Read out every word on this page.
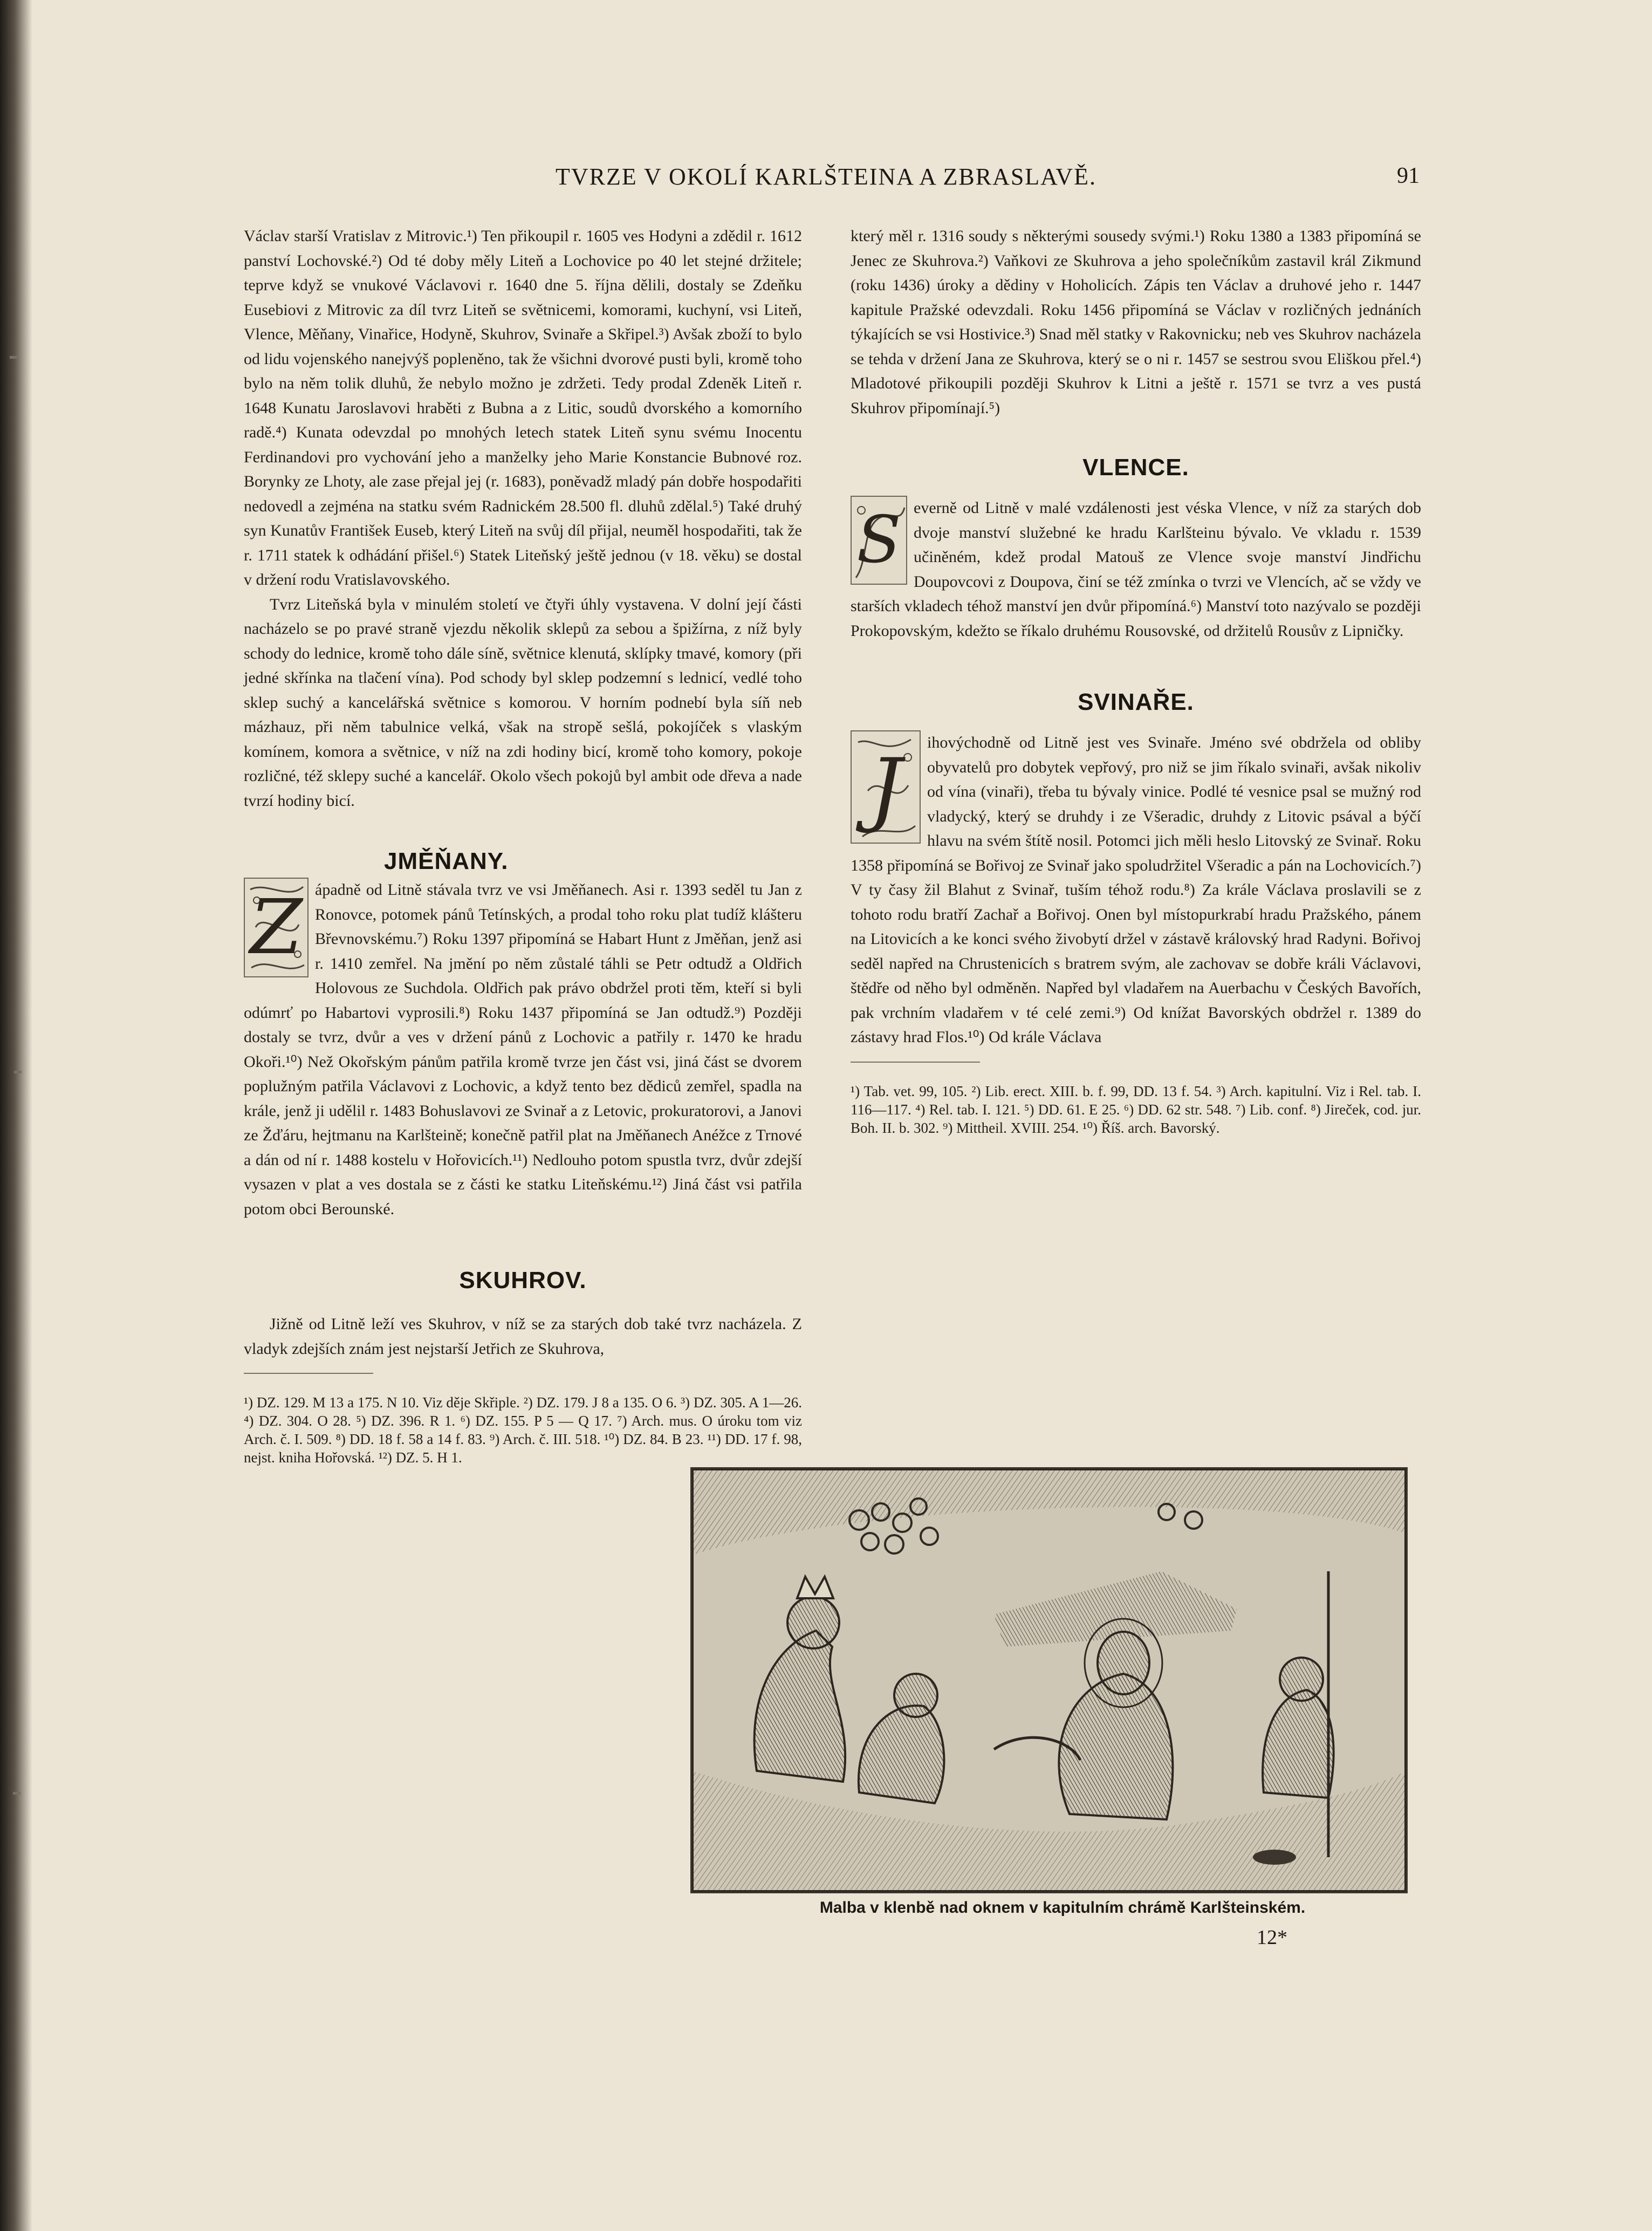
TVRZE V OKOLÍ KARLŠTEINA A ZBRASLAVĚ.	91

Václav starší Vratislav z Mitrovic.¹) Ten přikoupil r. 1605 ves Hodyni a zdědil r. 1612 panství Lochovské.²) Od té doby měly Liteň a Lochovice po 40 let stejné držitele; teprve když se vnukové Václavovi r. 1640 dne 5. října dělili, dostaly se Zdeňku Eusebiovi z Mitrovic za díl tvrz Liteň se světnicemi, komorami, kuchyní, vsi Liteň, Vlence, Měňany, Vinařice, Hodyně, Skuhrov, Svinaře a Skřipel.³) Avšak zboží to bylo od lidu vojenského nanejvýš popleněno, tak že všichni dvorové pusti byli, kromě toho bylo na něm tolik dluhů, že nebylo možno je zdržeti. Tedy prodal Zdeněk Liteň r. 1648 Kunatu Jaroslavovi hraběti z Bubna a z Litic, soudů dvorského a komorního radě.⁴) Kunata odevzdal po mnohých letech statek Liteň synu svému Inocentu Ferdinandovi pro vychování jeho a manželky jeho Marie Konstancie Bubnové roz. Borynky ze Lhoty, ale zase přejal jej (r. 1683), poněvadž mladý pán dobře hospodařiti nedovedl a zejména na statku svém Radnickém 28.500 fl. dluhů zdělal.⁵) Také druhý syn Kunatův František Euseb, který Liteň na svůj díl přijal, neuměl hospodařiti, tak že r. 1711 statek k odhádání přišel.⁶) Statek Liteňský ještě jednou (v 18. věku) se dostal v držení rodu Vratislavovského.

Tvrz Liteňská byla v minulém století ve čtyři úhly vystavena. V dolní její části nacházelo se po pravé straně vjezdu několik sklepů za sebou a špižírna, z níž byly schody do lednice, kromě toho dále síně, světnice klenutá, sklípky tmavé, komory (při jedné skřínka na tlačení vína). Pod schody byl sklep podzemní s lednicí, vedlé toho sklep suchý a kancelářská světnice s komorou. V horním podnebí byla síň neb mázhauz, při něm tabulnice velká, však na stropě sešlá, pokojíček s vlaským komínem, komora a světnice, v níž na zdi hodiny bicí, kromě toho komory, pokoje rozličné, též sklepy suché a kancelář. Okolo všech pokojů byl ambit ode dřeva a nade tvrzí hodiny bicí.

JMĚŇANY.
Z ápadně od Litně stávala tvrz ve vsi Jměňanech. Asi r. 1393 seděl tu Jan z Ronovce, potomek pánů Tetínských, a prodal toho roku plat tudíž klášteru Břevnovskému.⁷) Roku 1397 připomíná se Habart Hunt z Jměňan, jenž asi r. 1410 zemřel. Na jmění po něm zůstalé táhli se Petr odtudž a Oldřich Holovous ze Suchdola. Oldřich pak právo obdržel proti těm, kteří si byli odúmrť po Habartovi vyprosili.⁸) Roku 1437 připomíná se Jan odtudž.⁹) Později dostaly se tvrz, dvůr a ves v držení pánů z Lochovic a patřily r. 1470 ke hradu Okoři.¹⁰) Než Okořským pánům patřila kromě tvrze jen část vsi, jiná část se dvorem poplužným patřila Václavovi z Lochovic, a když tento bez dědiců zemřel, spadla na krále, jenž ji udělil r. 1483 Bohuslavovi ze Svinař a z Letovic, prokuratorovi, a Janovi ze Žďáru, hejtmanu na Karlšteině; konečně patřil plat na Jměňanech Anéžce z Trnové a dán od ní r. 1488 kostelu v Hořovicích.¹¹) Nedlouho potom spustla tvrz, dvůr zdejší vysazen v plat a ves dostala se z části ke statku Liteňskému.¹²) Jiná část vsi patřila potom obci Berounské.

SKUHROV.

Jižně od Litně leží ves Skuhrov, v níž se za starých dob také tvrz nacházela. Z vladyk zdejších znám jest nejstarší Jetřich ze Skuhrova,

¹) DZ. 129. M 13 a 175. N 10. Viz děje Skřiple. ²) DZ. 179. J 8 a 135. O 6. ³) DZ. 305. A 1—26. ⁴) DZ. 304. O 28. ⁵) DZ. 396. R 1. ⁶) DZ. 155. P 5 — Q 17. ⁷) Arch. mus. O úroku tom viz Arch. č. I. 509. ⁸) DD. 18 f. 58 a 14 f. 83. ⁹) Arch. č. III. 518. ¹⁰) DZ. 84. B 23. ¹¹) DD. 17 f. 98, nejst. kniha Hořovská. ¹²) DZ. 5. H 1.

který měl r. 1316 soudy s některými sousedy svými.¹) Roku 1380 a 1383 připomíná se Jenec ze Skuhrova.²) Vaňkovi ze Skuhrova a jeho společníkům zastavil král Zikmund (roku 1436) úroky a dědiny v Hoholicích. Zápis ten Václav a druhové jeho r. 1447 kapitule Pražské odevzdali. Roku 1456 připomíná se Václav v rozličných jednáních týkajících se vsi Hostivice.³) Snad měl statky v Rakovnicku; neb ves Skuhrov nacházela se tehda v držení Jana ze Skuhrova, který se o ni r. 1457 se sestrou svou Eliškou přel.⁴) Mladotové přikoupili později Skuhrov k Litni a ještě r. 1571 se tvrz a ves pustá Skuhrov připomínají.⁵)

VLENCE.
S everně od Litně v malé vzdálenosti jest véska Vlence, v níž za starých dob dvoje manství služebné ke hradu Karlšteinu bývalo. Ve vkladu r. 1539 učiněném, kdež prodal Matouš ze Vlence svoje manství Jindřichu Doupovcovi z Doupova, činí se též zmínka o tvrzi ve Vlencích, ač se vždy ve starších vkladech téhož manství jen dvůr připomíná.⁶) Manství toto nazývalo se později Prokopovským, kdežto se říkalo druhému Rousovské, od držitelů Rousův z Lipničky.

SVINAŘE.
J	ihovýchodně od Litně jest ves Svinaře. Jméno své obdržela od obliby obyvatelů pro dobytek vepřový, pro niž se jim říkalo svinaři, avšak nikoliv od vína (vinaři), třeba tu bývaly vinice. Podlé té vesnice psal se mužný rod vladycký, který se druhdy i ze Všeradic, druhdy z Litovic psával a býčí hlavu na svém štítě nosil. Potomci jich měli heslo Litovský ze Svinař. Roku 1358 připomíná se Bořivoj ze Svinař jako spoludržitel Všeradic a pán na Lochovicích.⁷) V ty časy žil Blahut z Svinař, tuším téhož rodu.⁸) Za krále Václava proslavili se z tohoto rodu bratří Zachař a Bořivoj. Onen byl místopurkrabí hradu Pražského, pánem na Litovicích a ke konci svého živobytí držel v zástavě královský hrad Radyni. Bořivoj seděl napřed na Chrustenicích s bratrem svým, ale zachovav se dobře králi Václavovi, štědře od něho byl odměněn. Napřed byl vladařem na Auerbachu v Českých Bavořích, pak vrchním vladařem v té celé zemi.⁹) Od knížat Bavorských obdržel r. 1389 do zástavy hrad Flos.¹⁰) Od krále Václava

¹) Tab. vet. 99, 105. ²) Lib. erect. XIII. b. f. 99, DD. 13 f. 54. ³) Arch. kapitulní. Viz i Rel. tab. I. 116—117. ⁴) Rel. tab. I. 121. ⁵) DD. 61. E 25. ⁶) DD. 62 str. 548. ⁷) Lib. conf. ⁸) Jireček, cod. jur. Boh. II. b. 302. ⁹) Mittheil. XVIII. 254. ¹⁰) Říš. arch. Bavorský.
Malba v klenbě nad oknem v kapitulním chrámě Karlšteinském.
12*
